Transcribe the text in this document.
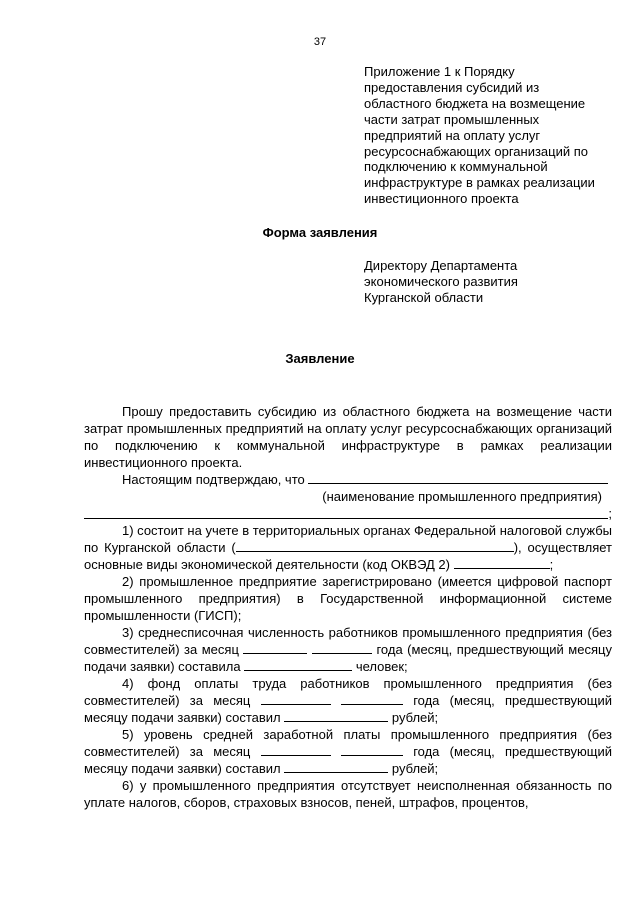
37
Приложение 1 к Порядку
предоставления субсидий из
областного бюджета на возмещение
части затрат промышленных
предприятий на оплату услуг
ресурсоснабжающих организаций по
подключению к коммунальной
инфраструктуре в рамках реализации
инвестиционного проекта
Форма заявления
Директору Департамента
экономического развития
Курганской области
Заявление

Прошу предоставить субсидию из областного бюджета на возмещение части затрат промышленных предприятий на оплату услуг ресурсоснабжающих организаций по подключению к коммунальной инфраструктуре в рамках реализации инвестиционного проекта.

Настоящим подтверждаю, что

(наименование промышленного предприятия)

;

1) состоит на учете в территориальных органах Федеральной налоговой службы по Курганской области (	), осуществляет основные виды экономической деятельности (код ОКВЭД 2)	;

2) промышленное предприятие зарегистрировано (имеется цифровой паспорт промышленного предприятия) в Государственной информационной системе промышленности (ГИСП);

3) среднесписочная численность работников промышленного предприятия (без совместителей) за месяц	года (месяц, предшествующий месяцу подачи заявки) составила	человек;

4) фонд оплаты труда работников промышленного предприятия (без совместителей) за месяц	года (месяц, предшествующий месяцу подачи заявки) составил	рублей;

5) уровень средней заработной платы промышленного предприятия (без совместителей) за месяц	года (месяц, предшествующий месяцу подачи заявки) составил	рублей;

6) у промышленного предприятия отсутствует неисполненная обязанность по уплате налогов, сборов, страховых взносов, пеней, штрафов, процентов,
